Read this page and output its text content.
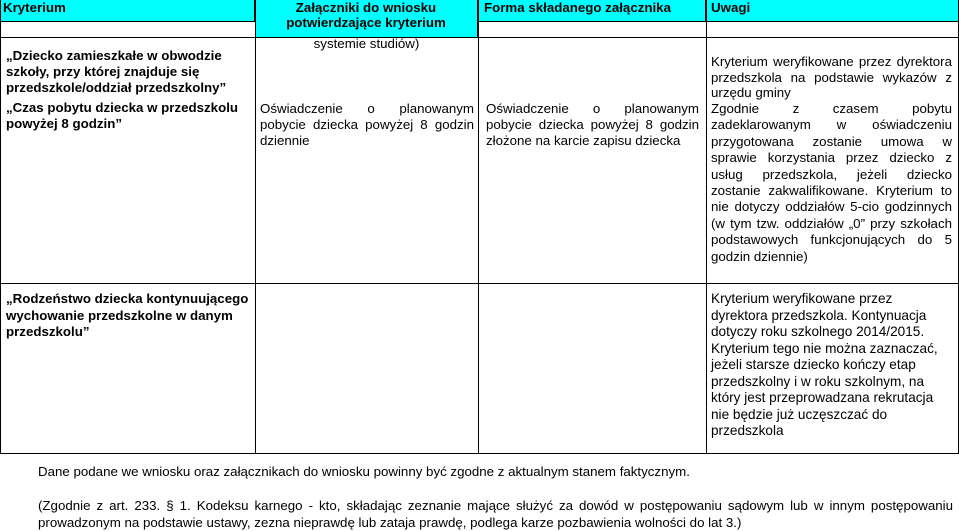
Kryterium	Załączniki do wniosku
potwierdzające kryterium
Forma składanego załącznika	Uwagi
systemie studiów)
„Dziecko zamieszkałe w obwodzie szkoły, przy której znajduje się przedszkole/oddział przedszkolny”
Kryterium weryfikowane przez dyrektora przedszkola na podstawie wykazów z urzędu gminy
„Czas pobytu dziecka w przedszkolu powyżej 8 godzin”
Oświadczenie o planowanym pobycie dziecka powyżej 8 godzin dziennie
Oświadczenie o planowanym pobycie dziecka powyżej 8 godzin złożone na karcie zapisu dziecka
Zgodnie z czasem pobytu zadeklarowanym w oświadczeniu przygotowana zostanie umowa w sprawie korzystania przez dziecko z usług przedszkola, jeżeli dziecko zostanie zakwalifikowane. Kryterium to nie dotyczy oddziałów 5-cio godzinnych (w tym tzw. oddziałów „0” przy szkołach podstawowych funkcjonujących do 5 godzin dziennie)
„Rodzeństwo dziecka kontynuującego wychowanie przedszkolne w danym przedszkolu”
Kryterium weryfikowane przez dyrektora przedszkola. Kontynuacja dotyczy roku szkolnego 2014/2015. Kryterium tego nie można zaznaczać, jeżeli starsze dziecko kończy etap przedszkolny i w roku szkolnym, na który jest przeprowadzana rekrutacja nie będzie już uczęszczać do przedszkola
Dane podane we wniosku oraz załącznikach do wniosku powinny być zgodne z aktualnym stanem faktycznym.
(Zgodnie z art. 233. § 1. Kodeksu karnego - kto, składając zeznanie mające służyć za dowód w postępowaniu sądowym lub w innym postępowaniu prowadzonym na podstawie ustawy, zezna nieprawdę lub zataja prawdę, podlega karze pozbawienia wolności do lat 3.)
